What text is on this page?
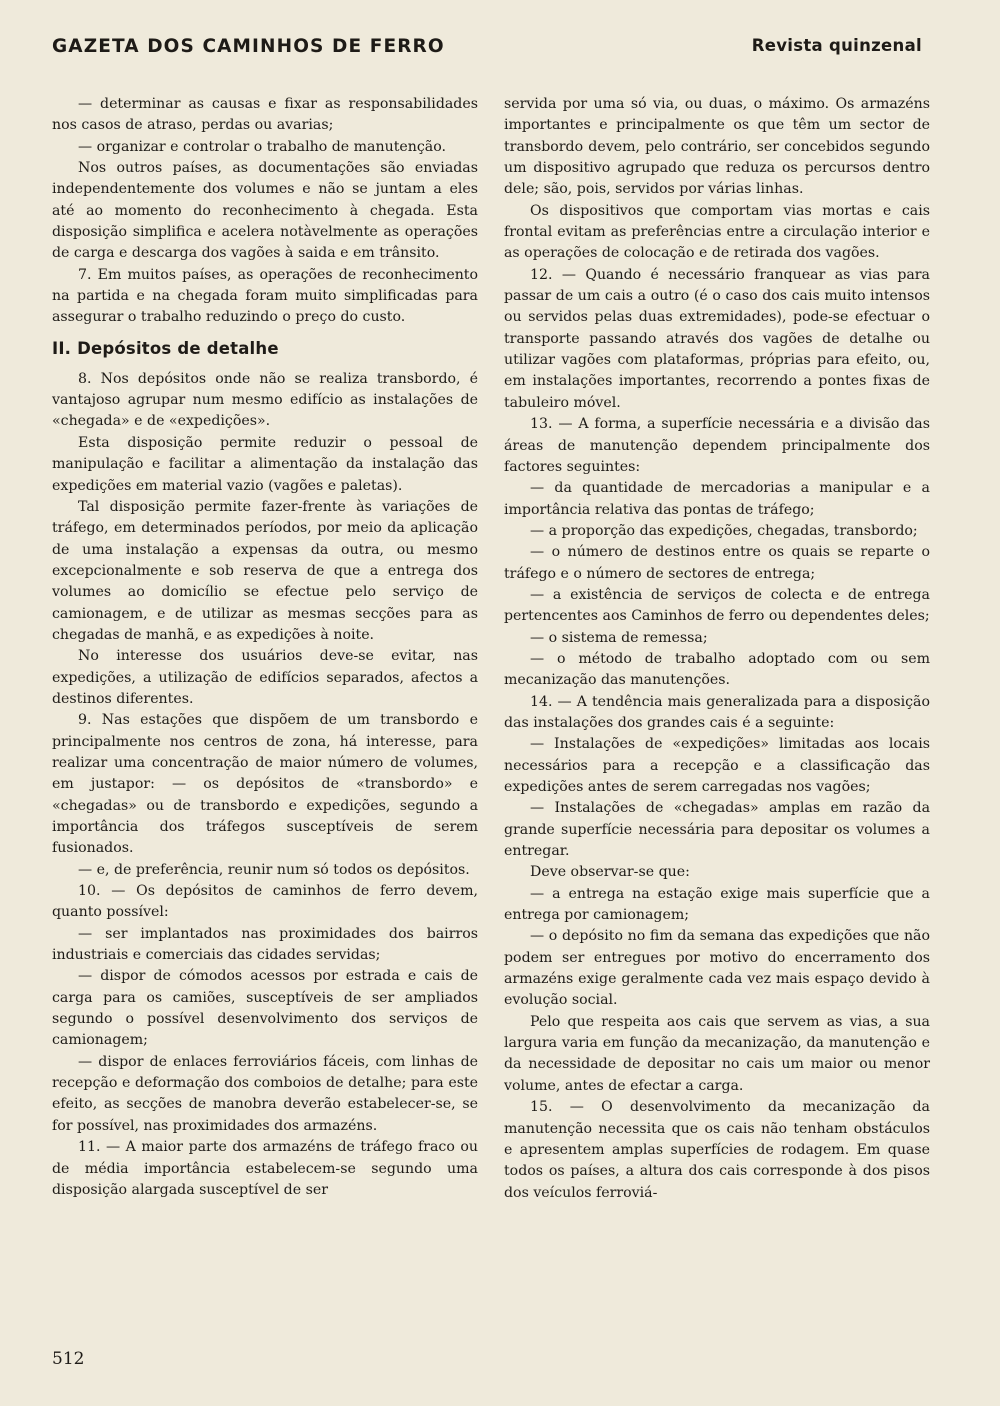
GAZETA DOS CAMINHOS DE FERRO	Revista quinzenal

— determinar as causas e fixar as responsabilidades nos casos de atraso, perdas ou avarias;

— organizar e controlar o trabalho de manutenção.

Nos outros países, as documentações são enviadas independentemente dos volumes e não se juntam a eles até ao momento do reconhecimento à chegada. Esta disposição simplifica e acelera notàvelmente as operações de carga e descarga dos vagões à saida e em trânsito.

7. Em muitos países, as operações de reconhecimento na partida e na chegada foram muito simplificadas para assegurar o trabalho reduzindo o preço do custo.

II. Depósitos de detalhe

8. Nos depósitos onde não se realiza transbordo, é vantajoso agrupar num mesmo edifício as instalações de «chegada» e de «expedições».

Esta disposição permite reduzir o pessoal de manipulação e facilitar a alimentação da instalação das expedições em material vazio (vagões e paletas).

Tal disposição permite fazer-frente às variações de tráfego, em determinados períodos, por meio da aplicação de uma instalação a expensas da outra, ou mesmo excepcionalmente e sob reserva de que a entrega dos volumes ao domicílio se efectue pelo serviço de camionagem, e de utilizar as mesmas secções para as chegadas de manhã, e as expedições à noite.

No interesse dos usuários deve-se evitar, nas expedições, a utilização de edifícios separados, afectos a destinos diferentes.

9. Nas estações que dispõem de um transbordo e principalmente nos centros de zona, há interesse, para realizar uma concentração de maior número de volumes, em justapor: — os depósitos de «transbordo» e «chegadas» ou de transbordo e expedições, segundo a importância dos tráfegos susceptíveis de serem fusionados.

— e, de preferência, reunir num só todos os depósitos.

10. — Os depósitos de caminhos de ferro devem, quanto possível:

— ser implantados nas proximidades dos bairros industriais e comerciais das cidades servidas;

— dispor de cómodos acessos por estrada e cais de carga para os camiões, susceptíveis de ser ampliados segundo o possível desenvolvimento dos serviços de camionagem;

— dispor de enlaces ferroviários fáceis, com linhas de recepção e deformação dos comboios de detalhe; para este efeito, as secções de manobra deverão estabelecer-se, se for possível, nas proximidades dos armazéns.

11. — A maior parte dos armazéns de tráfego fraco ou de média importância estabelecem-se segundo uma disposição alargada susceptível de ser

servida por uma só via, ou duas, o máximo. Os armazéns importantes e principalmente os que têm um sector de transbordo devem, pelo contrário, ser concebidos segundo um dispositivo agrupado que reduza os percursos dentro dele; são, pois, servidos por várias linhas.

Os dispositivos que comportam vias mortas e cais frontal evitam as preferências entre a circulação interior e as operações de colocação e de retirada dos vagões.

12. — Quando é necessário franquear as vias para passar de um cais a outro (é o caso dos cais muito intensos ou servidos pelas duas extremidades), pode-se efectuar o transporte passando através dos vagões de detalhe ou utilizar vagões com plataformas, próprias para efeito, ou, em instalações importantes, recorrendo a pontes fixas de tabuleiro móvel.

13. — A forma, a superfície necessária e a divisão das áreas de manutenção dependem principalmente dos factores seguintes:

— da quantidade de mercadorias a manipular e a importância relativa das pontas de tráfego;

— a proporção das expedições, chegadas, transbordo;

— o número de destinos entre os quais se reparte o tráfego e o número de sectores de entrega;

— a existência de serviços de colecta e de entrega pertencentes aos Caminhos de ferro ou dependentes deles;

— o sistema de remessa;

— o método de trabalho adoptado com ou sem mecanização das manutenções.

14. — A tendência mais generalizada para a disposição das instalações dos grandes cais é a seguinte:

— Instalações de «expedições» limitadas aos locais necessários para a recepção e a classificação das expedições antes de serem carregadas nos vagões;

— Instalações de «chegadas» amplas em razão da grande superfície necessária para depositar os volumes a entregar.

Deve observar-se que:

— a entrega na estação exige mais superfície que a entrega por camionagem;

— o depósito no fim da semana das expedições que não podem ser entregues por motivo do encerramento dos armazéns exige geralmente cada vez mais espaço devido à evolução social.

Pelo que respeita aos cais que servem as vias, a sua largura varia em função da mecanização, da manutenção e da necessidade de depositar no cais um maior ou menor volume, antes de efectar a carga.

15. — O desenvolvimento da mecanização da manutenção necessita que os cais não tenham obstáculos e apresentem amplas superfícies de rodagem. Em quase todos os países, a altura dos cais corresponde à dos pisos dos veículos ferroviá-

512
